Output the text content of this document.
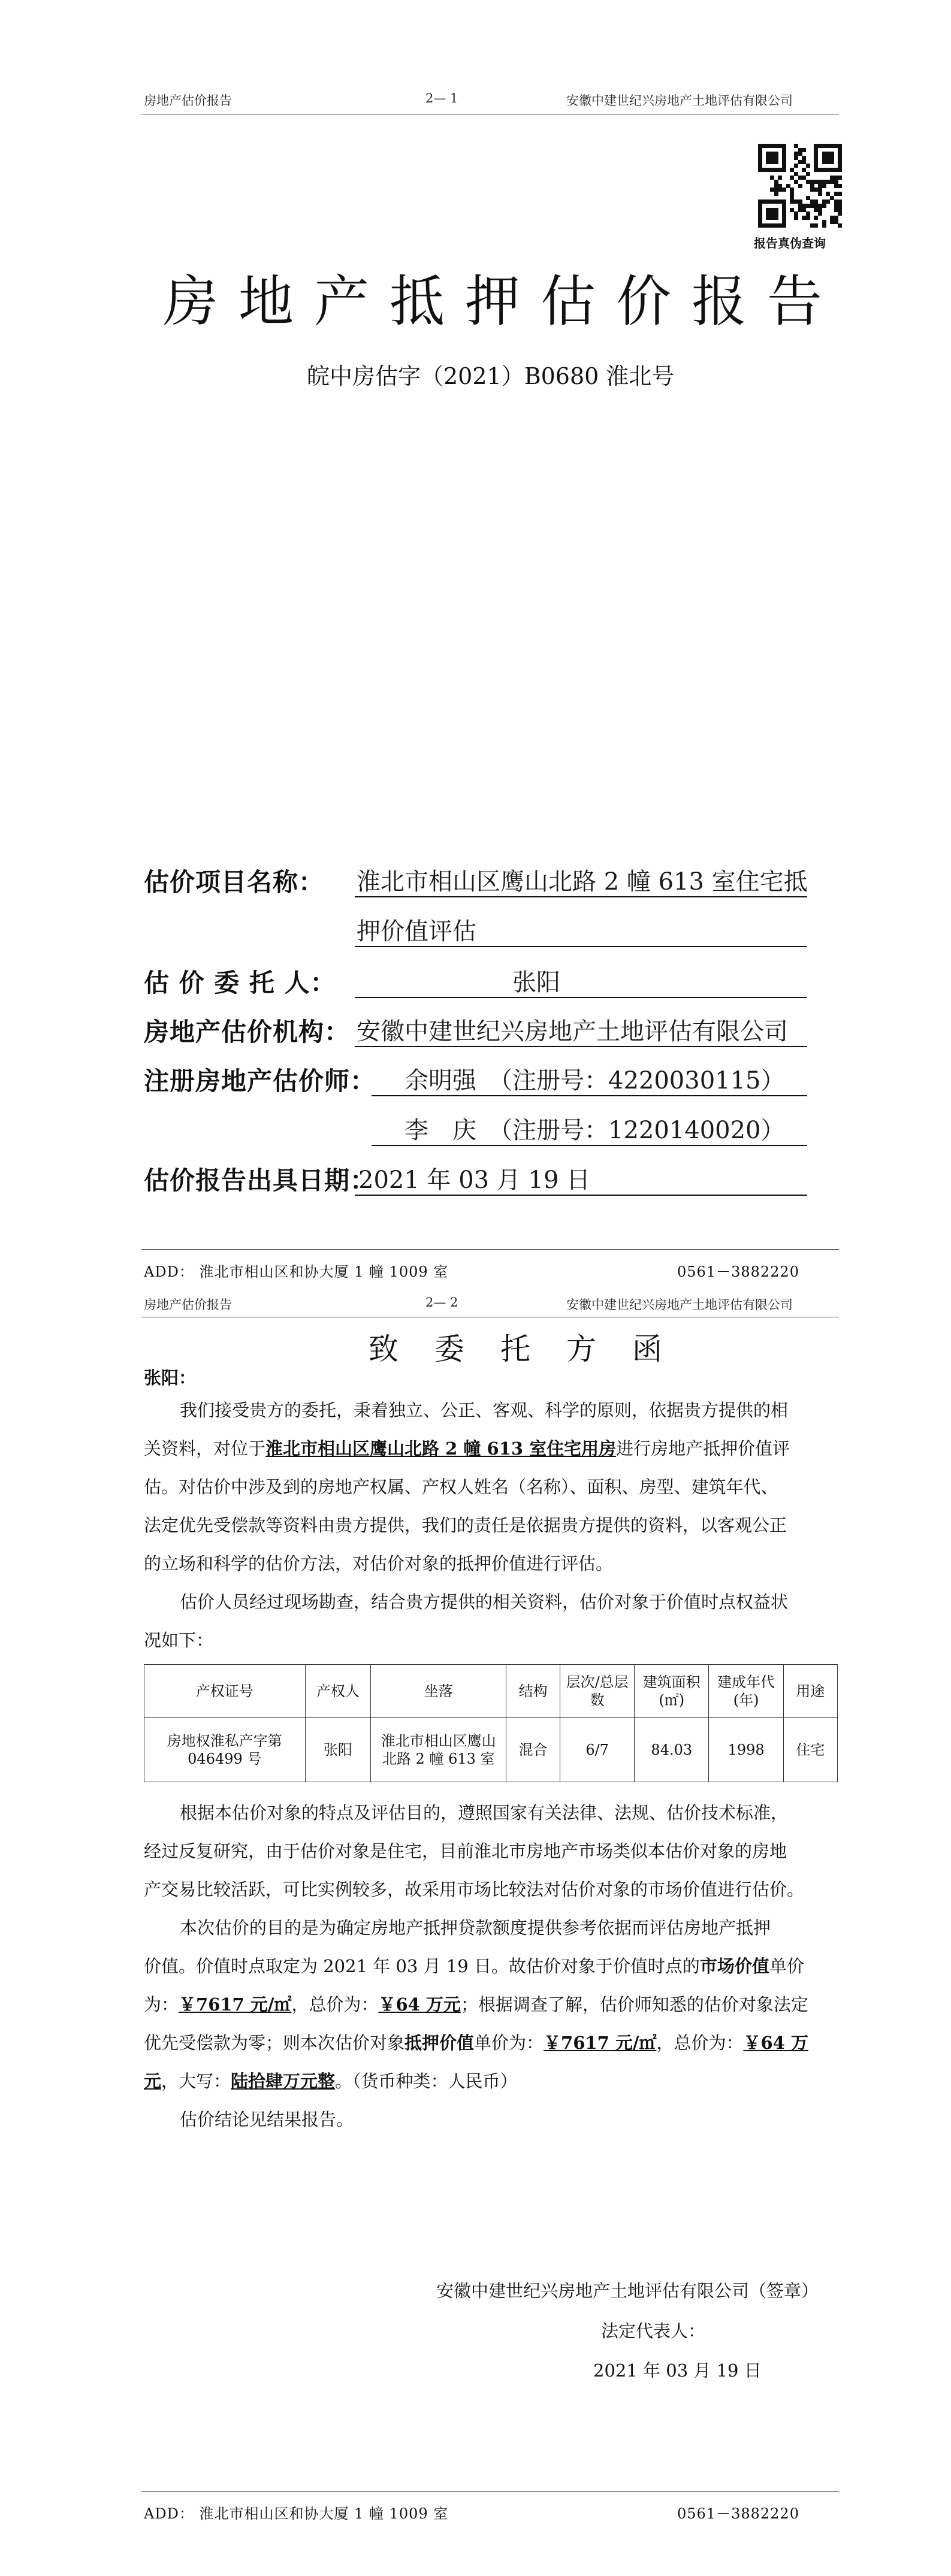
房地产估价报告	2— 1	安徽中建世纪兴房地产土地评估有限公司
报告真伪查询
房地产抵押估价报告
皖中房估字（2021）B0680 淮北号
估价项目名称： 淮北市相山区鹰山北路 2 幢 613 室住宅抵
押价值评估
估 价 委 托 人：	张阳
房地产估价机构： 安徽中建世纪兴房地产土地评估有限公司
注册房地产估价师： 余明强　（注册号：4220030115）
李　庆　（注册号：1220140020）
估价报告出具日期：
2021 年 03 月 19 日
ADD： 淮北市相山区和协大厦 1 幢 1009 室	0561－3882220
房地产估价报告	2— 2	安徽中建世纪兴房地产土地评估有限公司
致委托方函
张阳：
我们接受贵方的委托，秉着独立、公正、客观、科学的原则，依据贵方提供的相
关资料，对位于淮北市相山区鹰山北路 2 幢 613 室住宅用房进行房地产抵押价值评
估。对估价中涉及到的房地产权属、产权人姓名（名称）、面积、房型、建筑年代、
法定优先受偿款等资料由贵方提供，我们的责任是依据贵方提供的资料，以客观公正
的立场和科学的估价方法，对估价对象的抵押价值进行评估。
估价人员经过现场勘查，结合贵方提供的相关资料，估价对象于价值时点权益状
况如下：
产权证号	产权人	坐落	结构	层次/总层数	建筑面积(㎡)	建成年代(年)	用途
房地权淮私产字第 046499 号	张阳	淮北市相山区鹰山北路 2 幢 613 室	混合	6/7	84.03	1998	住宅
根据本估价对象的特点及评估目的，遵照国家有关法律、法规、估价技术标准，
经过反复研究，由于估价对象是住宅，目前淮北市房地产市场类似本估价对象的房地
产交易比较活跃，可比实例较多，故采用市场比较法对估价对象的市场价值进行估价。
本次估价的目的是为确定房地产抵押贷款额度提供参考依据而评估房地产抵押
价值。价值时点取定为 2021 年 03 月 19 日。故估价对象于价值时点的市场价值单价
为：￥7617 元/㎡，总价为：￥64 万元；根据调查了解，估价师知悉的估价对象法定
优先受偿款为零；则本次估价对象抵押价值单价为：￥7617 元/㎡，总价为：￥64 万
元，大写：陆拾肆万元整。（货币种类：人民币）
估价结论见结果报告。
安徽中建世纪兴房地产土地评估有限公司（签章）
法定代表人：
2021 年 03 月 19 日
ADD： 淮北市相山区和协大厦 1 幢 1009 室	0561－3882220
